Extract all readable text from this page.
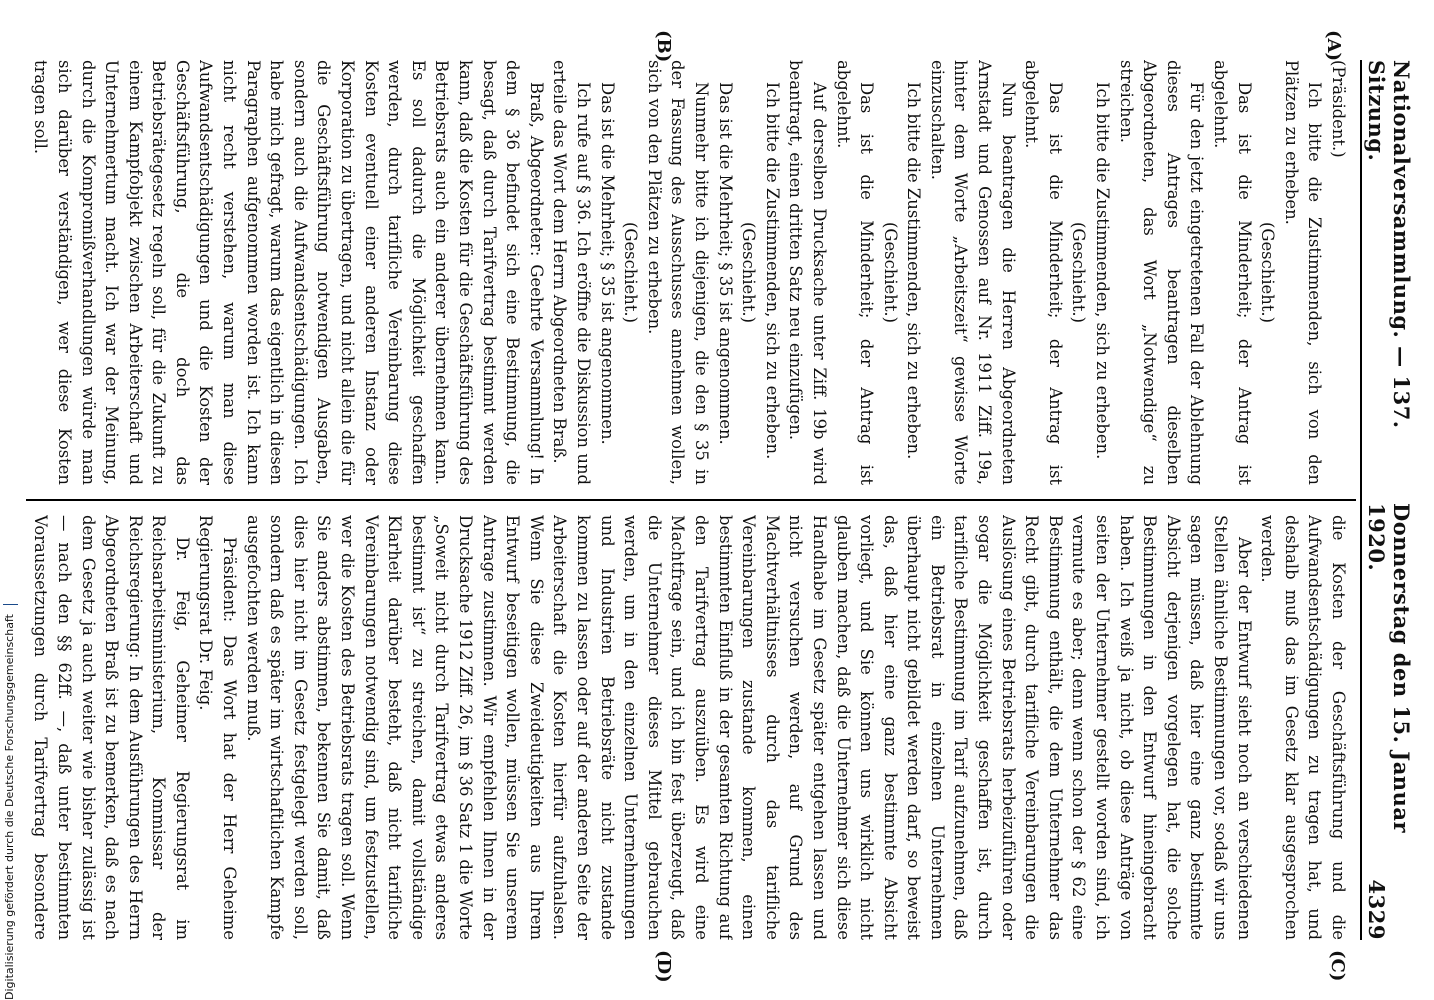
Nationalversammlung. — 137. Sitzung.
Donnerstag den 15. Januar 1920.
4329
(A)
(B)
(C)
(D)

(Präsident.)

Ich bitte die Zustimmenden, sich von den Plätzen zu erheben.

(Geschieht.)

Das ist die Minderheit; der Antrag ist abgelehnt.

Für den jetzt eingetretenen Fall der Ablehnung dieses Antrages beantragen dieselben Abgeordneten, das Wort „Notwendige“ zu streichen.

Ich bitte die Zustimmenden, sich zu erheben.

(Geschieht.)

Das ist die Minderheit; der Antrag ist abgelehnt.

Nun beantragen die Herren Abgeordneten Arnstadt und Genossen auf Nr. 1911 Ziff. 19a, hinter dem Worte „Arbeitszeit“ gewisse Worte einzuschalten.

Ich bitte die Zustimmenden, sich zu erheben.

(Geschieht.)

Das ist die Minderheit; der Antrag ist abgelehnt.

Auf derselben Drucksache unter Ziff. 19b wird beantragt, einen dritten Satz neu einzufügen.

Ich bitte die Zustimmenden, sich zu erheben.

(Geschieht.)

Das ist die Mehrheit; § 35 ist angenommen.

Nunmehr bitte ich diejenigen, die den § 35 in der Fassung des Ausschusses annehmen wollen, sich von den Plätzen zu erheben.

(Geschieht.)

Das ist die Mehrheit; § 35 ist angenommen.

Ich rufe auf § 36. Ich eröffne die Diskussion und erteile das Wort dem Herrn Abgeordneten Braß.

Braß, Abgeordneter: Geehrte Versammlung! In dem § 36 befindet sich eine Bestimmung, die besagt, daß durch Tarifvertrag bestimmt werden kann, daß die Kosten für die Geschäftsführung des Betriebsrats auch ein anderer übernehmen kann. Es soll dadurch die Möglichkeit geschaffen werden, durch tarifliche Vereinbarung diese Kosten eventuell einer anderen Instanz oder Korporation zu übertragen, und nicht allein die für die Geschäftsführung notwendigen Ausgaben, sondern auch die Aufwandsentschädigungen. Ich habe mich gefragt, warum das eigentlich in diesen Paragraphen aufgenommen worden ist. Ich kann nicht recht verstehen, warum man diese Aufwandsentschädigungen und die Kosten der Geschäftsführung, die doch das Betriebsrätegesetz regeln soll, für die Zukunft zu einem Kampfobjekt zwischen Arbeiterschaft und Unternehmertum macht. Ich war der Meinung, durch die Kompromißverhandlungen würde man sich darüber verständigen, wer diese Kosten tragen soll.

die Kosten der Geschäftsführung und die Aufwandsentschädigungen zu tragen hat, und deshalb muß das im Gesetz klar ausgesprochen werden.

Aber der Entwurf sieht noch an verschiedenen Stellen ähnliche Bestimmungen vor, sodaß wir uns sagen müssen, daß hier eine ganz bestimmte Absicht derjenigen vorgelegen hat, die solche Bestimmungen in den Entwurf hineingebracht haben. Ich weiß ja nicht, ob diese Anträge von seiten der Unternehmer gestellt worden sind, ich vermute es aber; denn wenn schon der § 62 eine Bestimmung enthält, die dem Unternehmer das Recht gibt, durch tarifliche Vereinbarungen die Auslösung eines Betriebsrats herbeizuführen oder sogar die Möglichkeit geschaffen ist, durch tarifliche Bestimmung im Tarif aufzunehmen, daß ein Betriebsrat in einzelnen Unternehmen überhaupt nicht gebildet werden darf, so beweist das, daß hier eine ganz bestimmte Absicht vorliegt, und Sie können uns wirklich nicht glauben machen, daß die Unternehmer sich diese Handhabe im Gesetz später entgehen lassen und nicht versuchen werden, auf Grund des Machtverhältnisses durch das tarifliche Vereinbarungen zustande kommen, einen bestimmten Einfluß in der gesamten Richtung auf den Tarifvertrag auszuüben. Es wird eine Machtfrage sein, und ich bin fest überzeugt, daß die Unternehmer dieses Mittel gebrauchen werden, um in den einzelnen Unternehmungen und Industrien Betriebsräte nicht zustande kommen zu lassen oder auf der anderen Seite der Arbeiterschaft die Kosten hierfür aufzuhalsen. Wenn Sie diese Zweideutigkeiten aus Ihrem Entwurf beseitigen wollen, müssen Sie unserem Antrage zustimmen. Wir empfehlen Ihnen in der Drucksache 1912 Ziff. 26, im § 36 Satz 1 die Worte „Soweit nicht durch Tarifvertrag etwas anderes bestimmt ist“ zu streichen, damit vollständige Klarheit darüber besteht, daß nicht tarifliche Vereinbarungen notwendig sind, um festzustellen, wer die Kosten des Betriebsrats tragen soll. Wenn Sie anders abstimmen, bekennen Sie damit, daß dies hier nicht im Gesetz festgelegt werden soll, sondern daß es später im wirtschaftlichen Kampfe ausgefochten werden muß.

Präsident: Das Wort hat der Herr Geheime Regierungsrat Dr. Feig.

Dr. Feig, Geheimer Regierungsrat im Reichsarbeitsministerium, Kommissar der Reichsregierung: In dem Ausführungen des Herrn Abgeordneten Braß ist zu bemerken, daß es nach dem Gesetz ja auch weiter wie bisher zulässig ist — nach den §§ 62ff. —, daß unter bestimmten Voraussetzungen durch Tarifvertrag besondere

Digitalisierung gefördert durch die Deutsche Forschungsgemeinschaft
